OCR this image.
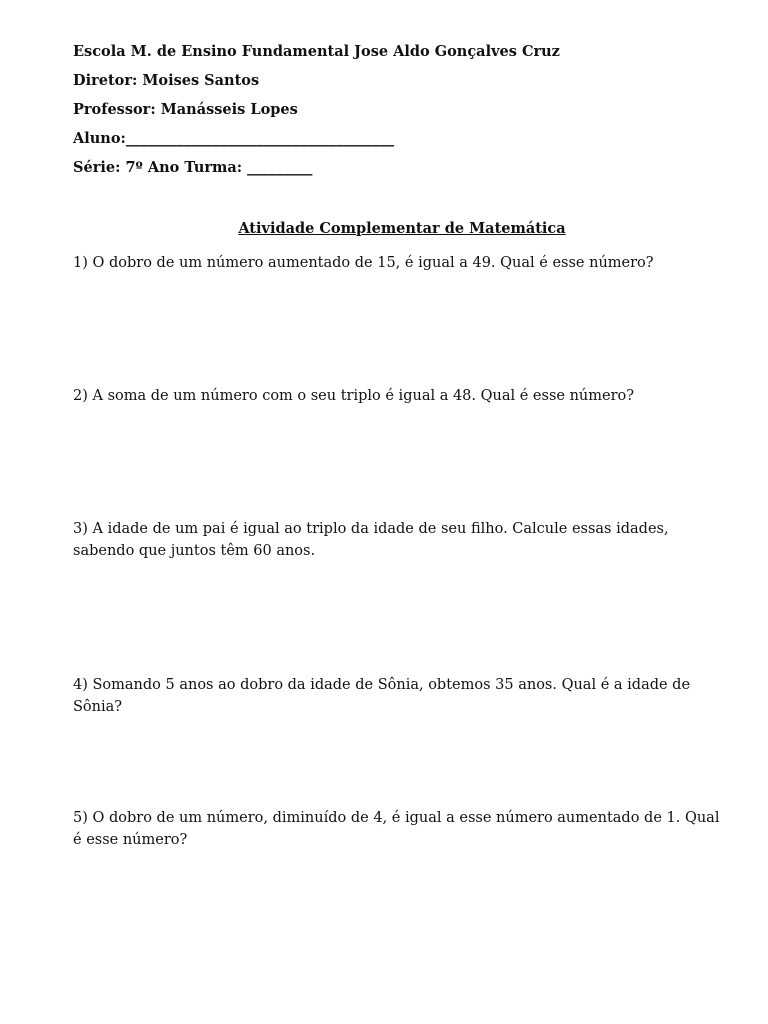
Escola M. de Ensino Fundamental Jose Aldo Gonçalves Cruz
Diretor: Moises Santos
Professor: Manásseis Lopes
Aluno:_____________________________________
Série: 7º Ano Turma: _________
Atividade Complementar de Matemática
1) O dobro de um número aumentado de 15, é igual a 49. Qual é esse número?
2) A soma de um número com o seu triplo é igual a 48. Qual é esse número?
3) A idade de um pai é igual ao triplo da idade de seu filho. Calcule essas idades, sabendo que juntos têm 60 anos.
4) Somando 5 anos ao dobro da idade de Sônia, obtemos 35 anos. Qual é a idade de Sônia?
5) O dobro de um número, diminuído de 4, é igual a esse número aumentado de 1. Qual é esse número?
